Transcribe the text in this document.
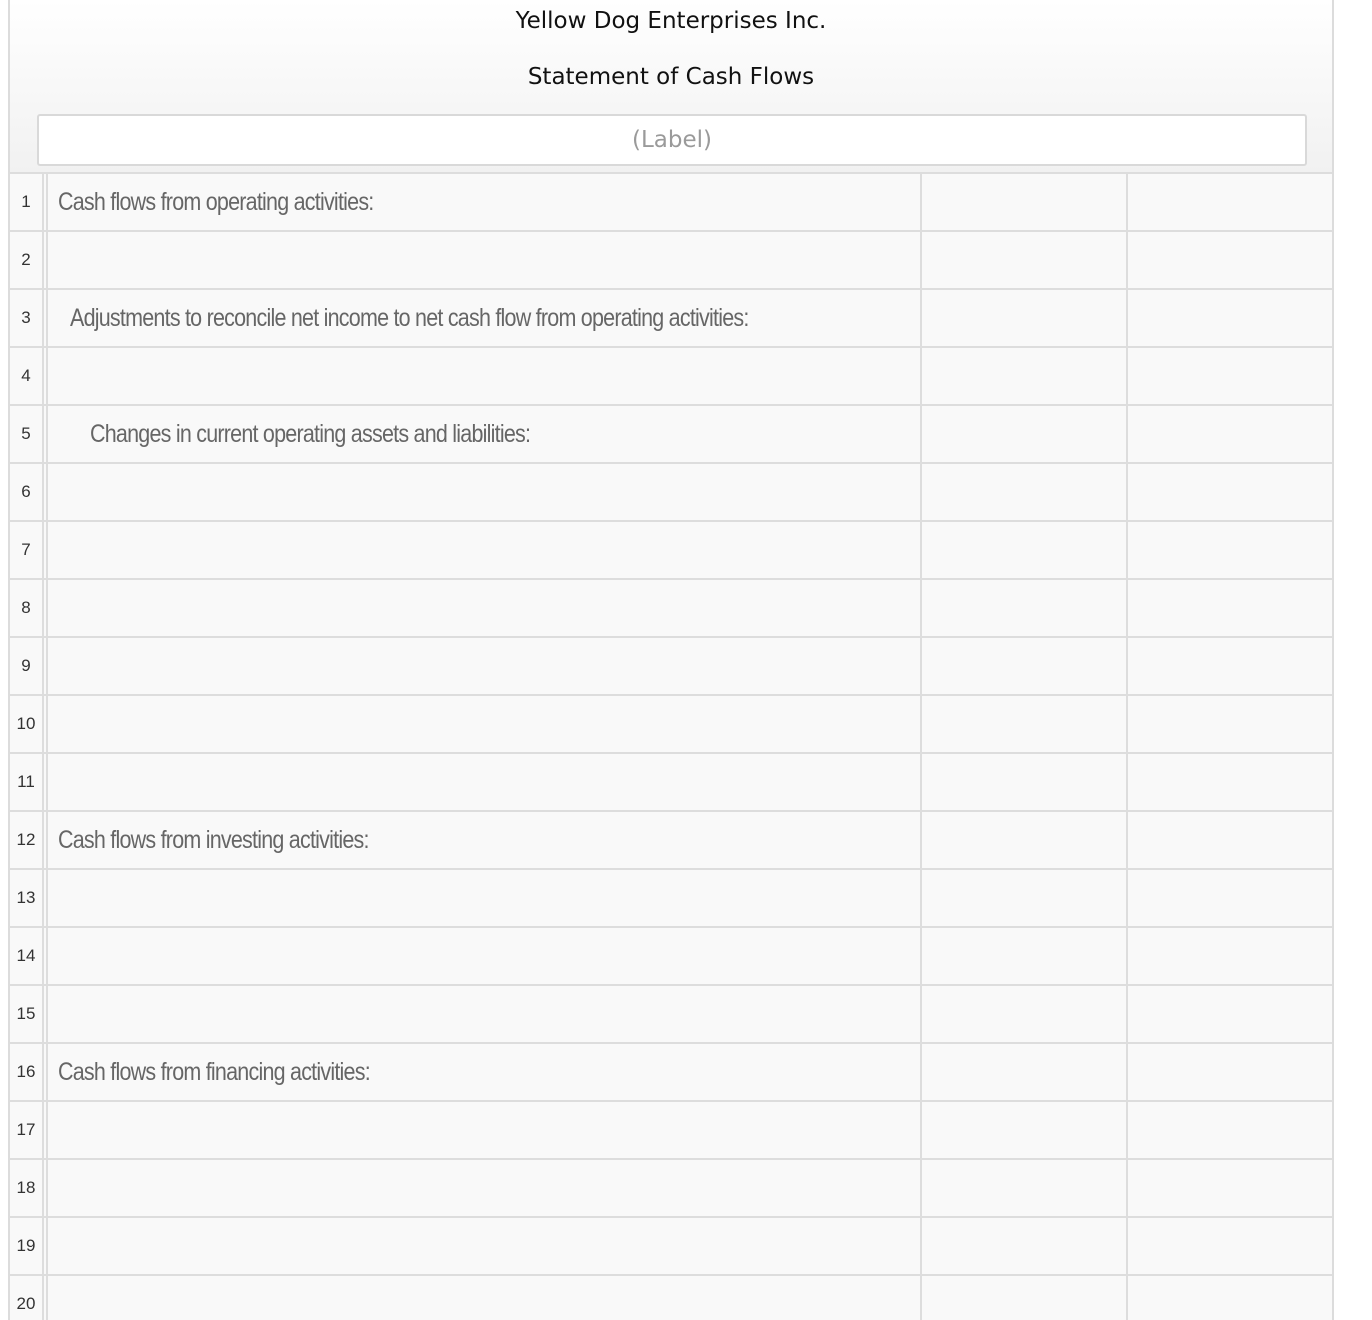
Yellow Dog Enterprises Inc.
Statement of Cash Flows
(Label)
1	Cash flows from operating activities:
2
3	Adjustments to reconcile net income to net cash flow from operating activities:
4
5	Changes in current operating assets and liabilities:
6
7
8
9
10
11
12 Cash flows from investing activities:
13
14
15
16 Cash flows from financing activities:
17
18
19
20
